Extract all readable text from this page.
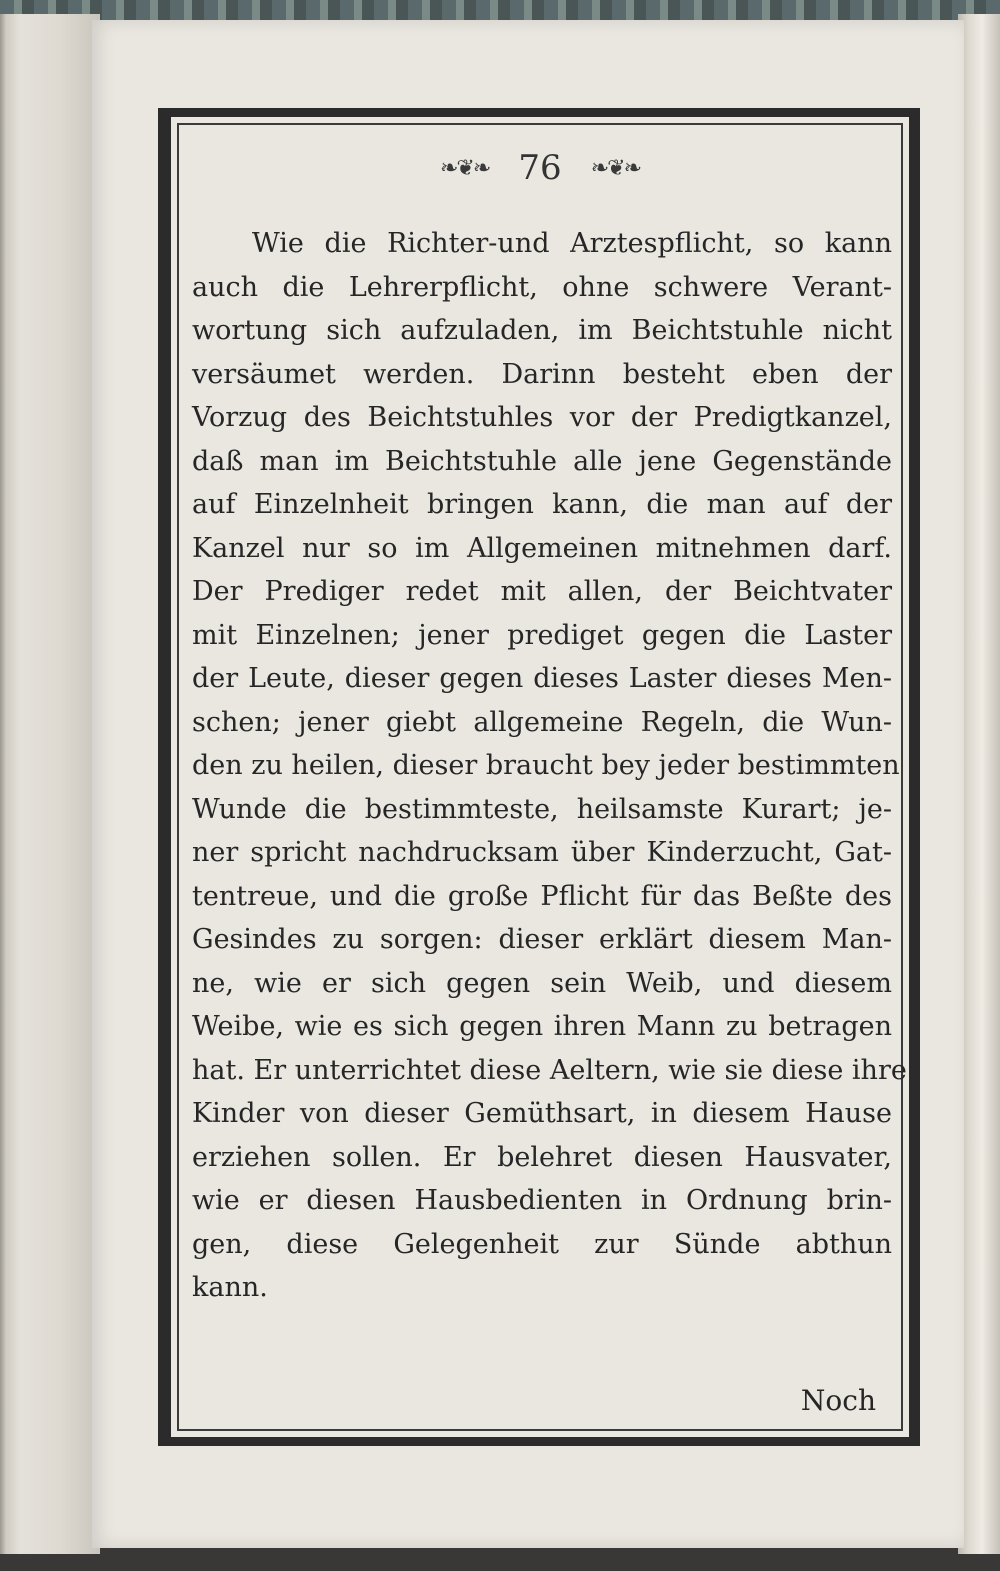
❧❦❧ 76 ❧❦❧
Wie die Richter-und Arztespflicht, so kann
auch die Lehrerpflicht, ohne schwere Verant-
wortung sich aufzuladen, im Beichtstuhle nicht
versäumet werden. Darinn besteht eben der
Vorzug des Beichtstuhles vor der Predigtkanzel,
daß man im Beichtstuhle alle jene Gegenstände
auf Einzelnheit bringen kann, die man auf der
Kanzel nur so im Allgemeinen mitnehmen darf.
Der Prediger redet mit allen, der Beichtvater
mit Einzelnen; jener prediget gegen die Laster
der Leute, dieser gegen dieses Laster dieses Men-
schen; jener giebt allgemeine Regeln, die Wun-
den zu heilen, dieser braucht bey jeder bestimmten
Wunde die bestimmteste, heilsamste Kurart; je-
ner spricht nachdrucksam über Kinderzucht, Gat-
tentreue, und die große Pflicht für das Beßte des
Gesindes zu sorgen: dieser erklärt diesem Man-
ne, wie er sich gegen sein Weib, und diesem
Weibe, wie es sich gegen ihren Mann zu betragen
hat. Er unterrichtet diese Aeltern, wie sie diese ihre
Kinder von dieser Gemüthsart, in diesem Hause
erziehen sollen. Er belehret diesen Hausvater,
wie er diesen Hausbedienten in Ordnung brin-
gen, diese Gelegenheit zur Sünde abthun
kann.
Noch
